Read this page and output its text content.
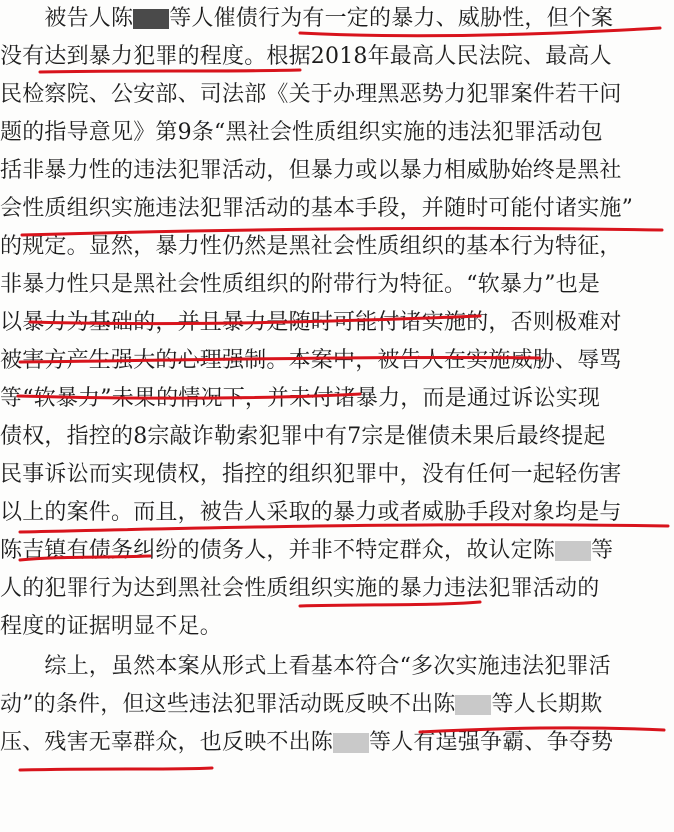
　　被告人陈 等人催债行为有一定的暴力、威胁性，但个案
没有达到暴力犯罪的程度。根据2018年最高人民法院、最高人
民检察院、公安部、司法部《关于办理黑恶势力犯罪案件若干问
题的指导意见》第9条“黑社会性质组织实施的违法犯罪活动包
括非暴力性的违法犯罪活动，但暴力或以暴力相威胁始终是黑社
会性质组织实施违法犯罪活动的基本手段，并随时可能付诸实施”
的规定。显然，暴力性仍然是黑社会性质组织的基本行为特征，
非暴力性只是黑社会性质组织的附带行为特征。“软暴力”也是
以暴力为基础的，并且暴力是随时可能付诸实施的，否则极难对
被害方产生强大的心理强制。本案中，被告人在实施威胁、辱骂
等“软暴力”未果的情况下，并未付诸暴力，而是通过诉讼实现
债权，指控的8宗敲诈勒索犯罪中有7宗是催债未果后最终提起
民事诉讼而实现债权，指控的组织犯罪中，没有任何一起轻伤害
以上的案件。而且，被告人采取的暴力或者威胁手段对象均是与
陈吉镇有债务纠纷的债务人，并非不特定群众，故认定陈 等
人的犯罪行为达到黑社会性质组织实施的暴力违法犯罪活动的
程度的证据明显不足。
　　综上，虽然本案从形式上看基本符合“多次实施违法犯罪活
动”的条件，但这些违法犯罪活动既反映不出陈 等人长期欺
压、残害无辜群众，也反映不出陈 等人有逞强争霸、争夺势
